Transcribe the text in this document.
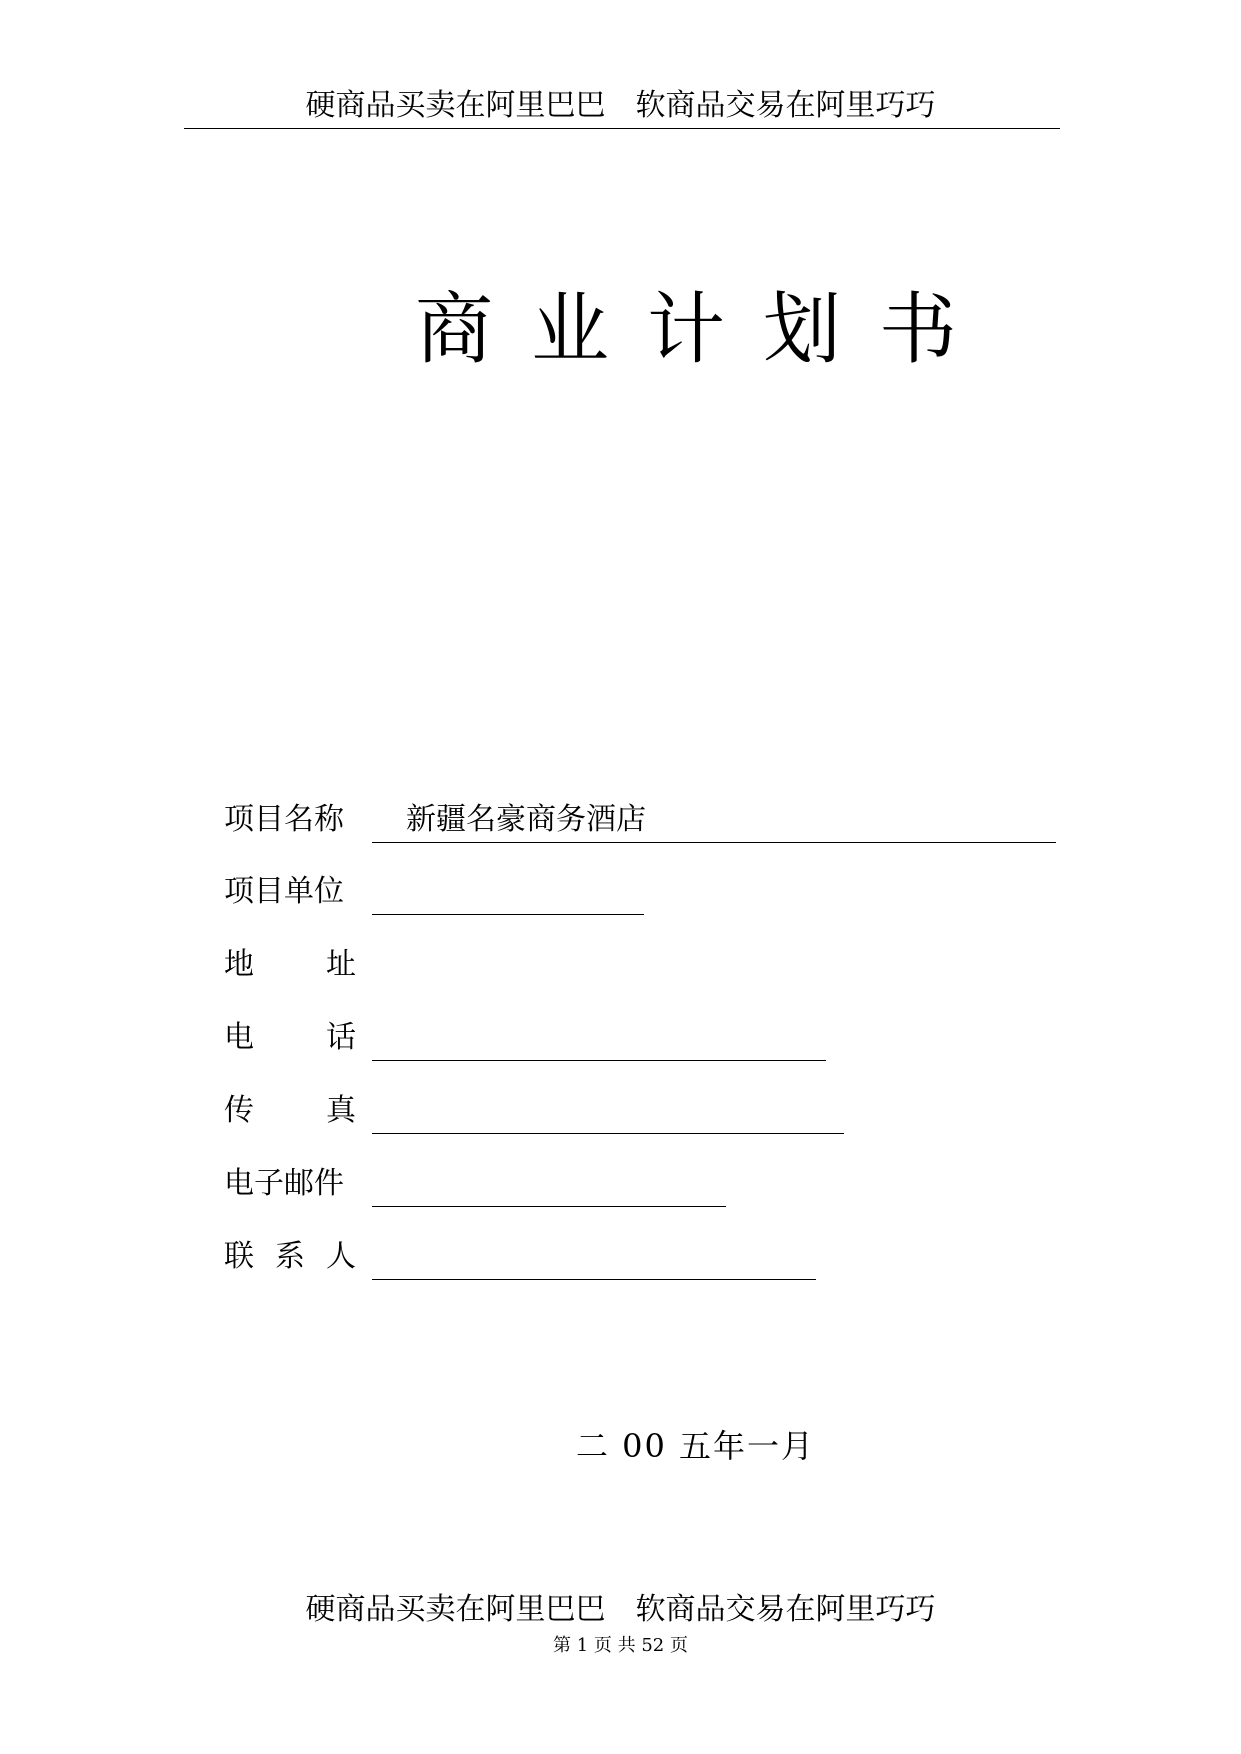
硬商品买卖在阿里巴巴　软商品交易在阿里巧巧
商业计划书
项目名称	新疆名豪商务酒店
项目单位
地 址
电 话
传 真
电子邮件
联 系 人
二 00 五年一月
硬商品买卖在阿里巴巴　软商品交易在阿里巧巧
第 1 页 共 52 页
